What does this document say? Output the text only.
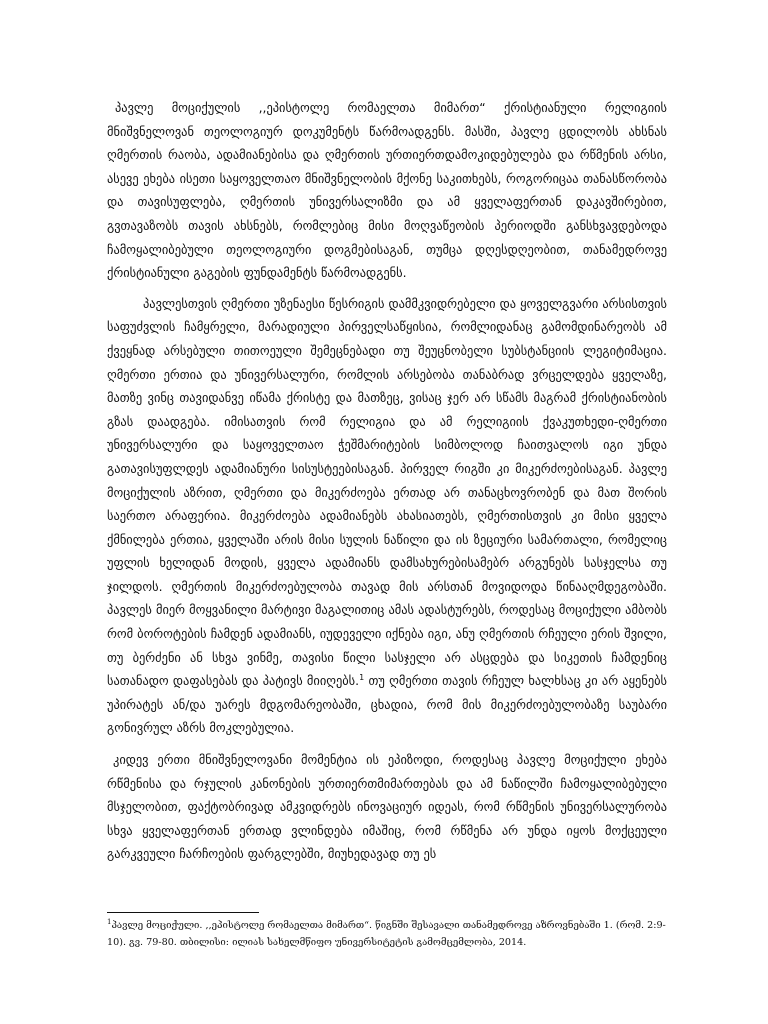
პავლე მოციქულის ,,ეპისტოლე რომაელთა მიმართ“ ქრისტიანული რელიგიის მნიშვნელოვან თეოლოგიურ დოკუმენტს წარმოადგენს. მასში, პავლე ცდილობს ახსნას ღმერთის რაობა, ადამიანებისა და ღმერთის ურთიერთდამოკიდებულება და რწმენის არსი, ასევე ეხება ისეთი საყოველთაო მნიშვნელობის მქონე საკითხებს, როგორიცაა თანასწორობა და თავისუფლება, ღმერთის უნივერსალიზმი და ამ ყველაფერთან დაკავშირებით, გვთავაზობს თავის ახსნებს, რომლებიც მისი მოღვაწეობის პერიოდში განსხვავდებოდა ჩამოყალიბებული თეოლოგიური დოგმებისაგან, თუმცა დღესდღეობით, თანამედროვე ქრისტიანული გაგების ფუნდამენტს წარმოადგენს.

პავლესთვის ღმერთი უზენაესი წესრიგის დამმკვიდრებელი და ყოველგვარი არსისთვის საფუძვლის ჩამყრელი, მარადიული პირველსაწყისია, რომლიდანაც გამომდინარეობს ამ ქვეყნად არსებული თითოეული შემეცნებადი თუ შეუცნობელი სუბსტანციის ლეგიტიმაცია. ღმერთი ერთია და უნივერსალური, რომლის არსებობა თანაბრად ვრცელდება ყველაზე, მათზე ვინც თავიდანვე იწამა ქრისტე და მათზეც, ვისაც ჯერ არ სწამს მაგრამ ქრისტიანობის გზას დაადგება. იმისათვის რომ რელიგია და ამ რელიგიის ქვაკუთხედი-ღმერთი უნივერსალური და საყოველთაო ჭეშმარიტების სიმბოლოდ ჩაითვალოს იგი უნდა გათავისუფლდეს ადამიანური სისუსტეებისაგან. პირველ რიგში კი მიკერძოებისაგან. პავლე მოციქულის აზრით, ღმერთი და მიკერძოება ერთად არ თანაცხოვრობენ და მათ შორის საერთო არაფერია. მიკერძოება ადამიანებს ახასიათებს, ღმერთისთვის კი მისი ყველა ქმნილება ერთია, ყველაში არის მისი სულის ნაწილი და ის ზეციური სამართალი, რომელიც უფლის ხელიდან მოდის, ყველა ადამიანს დამსახურებისამებრ არგუნებს სასჯელსა თუ ჯილდოს. ღმერთის მიკერძოებულობა თავად მის არსთან მოვიდოდა წინააღმდეგობაში. პავლეს მიერ მოყვანილი მარტივი მაგალითიც ამას ადასტურებს, როდესაც მოციქული ამბობს რომ ბოროტების ჩამდენ ადამიანს, იუდეველი იქნება იგი, ანუ ღმერთის რჩეული ერის შვილი, თუ ბერძენი ან სხვა ვინმე, თავისი წილი სასჯელი არ ასცდება და სიკეთის ჩამდენიც სათანადო დაფასებას და პატივს მიიღებს.$^1$ თუ ღმერთი თავის რჩეულ ხალხსაც კი არ აყენებს უპირატეს ან/და უარეს მდგომარეობაში, ცხადია, რომ მის მიკერძოებულობაზე საუბარი გონივრულ აზრს მოკლებულია.

კიდევ ერთი მნიშვნელოვანი მომენტია ის ეპიზოდი, როდესაც პავლე მოციქული ეხება რწმენისა და რჯულის კანონების ურთიერთმიმართებას და ამ ნაწილში ჩამოყალიბებული მსჯელობით, ფაქტობრივად ამკვიდრებს ინოვაციურ იდეას, რომ რწმენის უნივერსალურობა სხვა ყველაფერთან ერთად ვლინდება იმაშიც, რომ რწმენა არ უნდა იყოს მოქცეული გარკვეული ჩარჩოების ფარგლებში, მიუხედავად თუ ეს

$^1$პავლე მოციქული. ,,ეპისტოლე რომაელთა მიმართ“. წიგნში შესავალი თანამედროვე აზროვნებაში 1. (რომ. 2:9-10). გვ. 79-80. თბილისი: ილიას სახელმწიფო უნივერსიტეტის გამომცემლობა, 2014.
